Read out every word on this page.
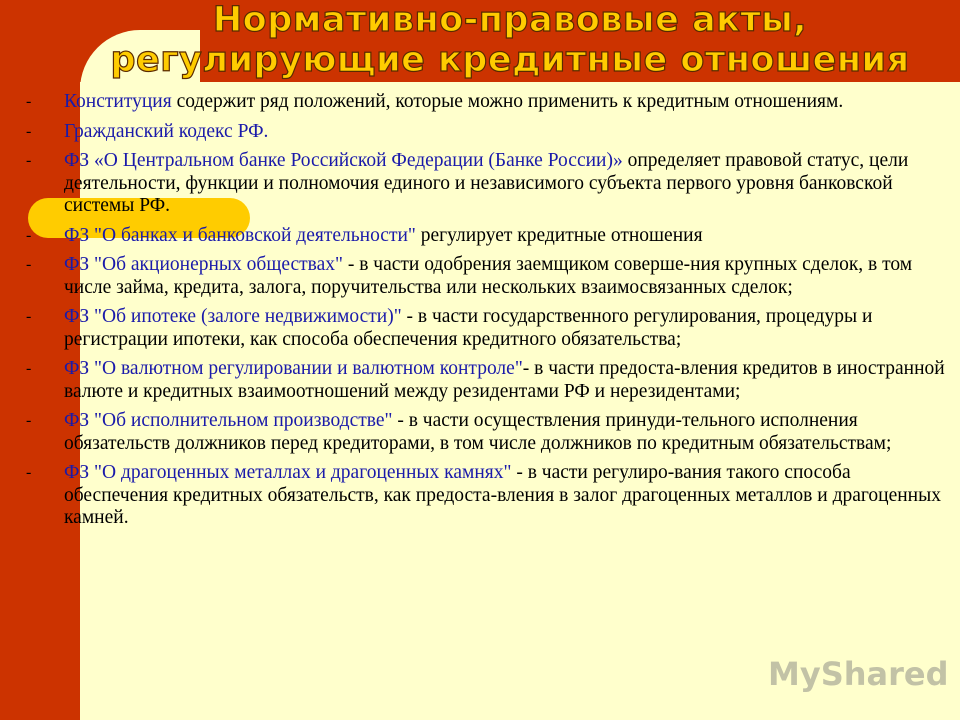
Нормативно-правовые акты,
регулирующие кредитные отношения
- Конституция содержит ряд положений, которые можно применить к кредитным отношениям.
- Гражданский кодекс РФ.
- ФЗ «О Центральном банке Российской Федерации (Банке России)» определяет правовой статус, цели деятельности, функции и полномочия единого и независимого субъекта первого уровня банковской системы РФ.
- ФЗ "О банках и банковской деятельности" регулирует кредитные отношения
- ФЗ "Об акционерных обществах" - в части одобрения заемщиком соверше-ния крупных сделок, в том числе займа, кредита, залога, поручительства или нескольких взаимосвязанных сделок;
- ФЗ "Об ипотеке (залоге недвижимости)" - в части государственного регулирования, процедуры и регистрации ипотеки, как способа обеспечения кредитного обязательства;
- ФЗ "О валютном регулировании и валютном контроле"- в части предоста-вления кредитов в иностранной валюте и кредитных взаимоотношений между резидентами РФ и нерезидентами;
- ФЗ "Об исполнительном производстве" - в части осуществления принуди-тельного исполнения обязательств должников перед кредиторами, в том числе должников по кредитным обязательствам;
- ФЗ "О драгоценных металлах и драгоценных камнях" - в части регулиро-вания такого способа обеспечения кредитных обязательств, как предоста-вления в залог драгоценных металлов и драгоценных камней.
MyShared
